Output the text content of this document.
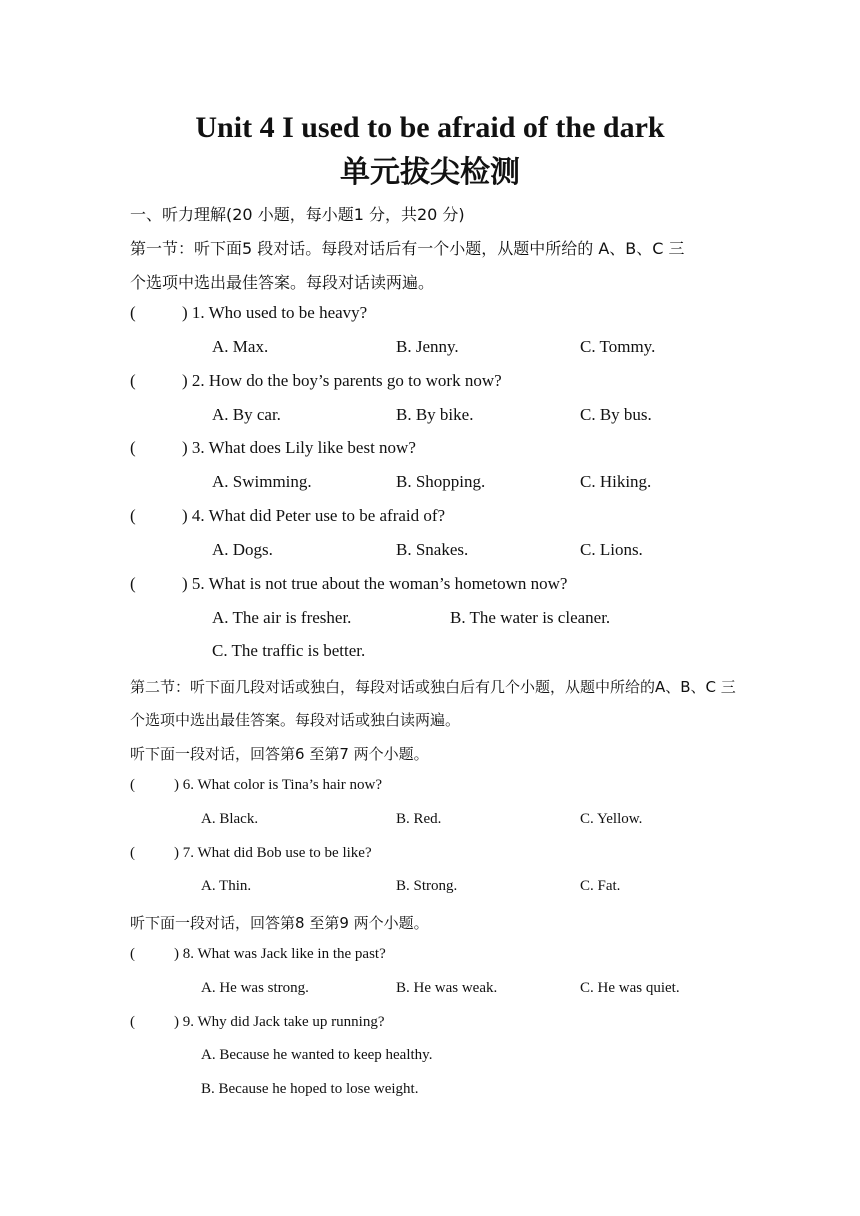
Unit 4 I used to be afraid of the dark
单元拔尖检测
一、听力理解(20 小题，每小题1 分，共20 分)
第一节：听下面5 段对话。每段对话后有一个小题，从题中所给的 A、B、C 三
个选项中选出最佳答案。每段对话读两遍。
(	) 1. Who used to be heavy?
A. Max.	B. Jenny.	C. Tommy.
(	) 2. How do the boy’s parents go to work now?
A. By car.	B. By bike.	C. By bus.
(	) 3. What does Lily like best now?
A. Swimming.	B. Shopping.	C. Hiking.
(	) 4. What did Peter use to be afraid of?
A. Dogs.	B. Snakes.	C. Lions.
(	) 5. What is not true about the woman’s hometown now?
A. The air is fresher.	B. The water is cleaner.
C. The traffic is better.
第二节：听下面几段对话或独白，每段对话或独白后有几个小题，从题中所给的A、B、C 三
个选项中选出最佳答案。每段对话或独白读两遍。
听下面一段对话，回答第6 至第7 两个小题。
(	) 6. What color is Tina’s hair now?
A. Black.	B. Red.	C. Yellow.
(	) 7. What did Bob use to be like?
A. Thin.	B. Strong.	C. Fat.
听下面一段对话，回答第8 至第9 两个小题。
(	) 8. What was Jack like in the past?
A. He was strong.	B. He was weak.	C. He was quiet.
(	) 9. Why did Jack take up running?
A. Because he wanted to keep healthy.
B. Because he hoped to lose weight.
